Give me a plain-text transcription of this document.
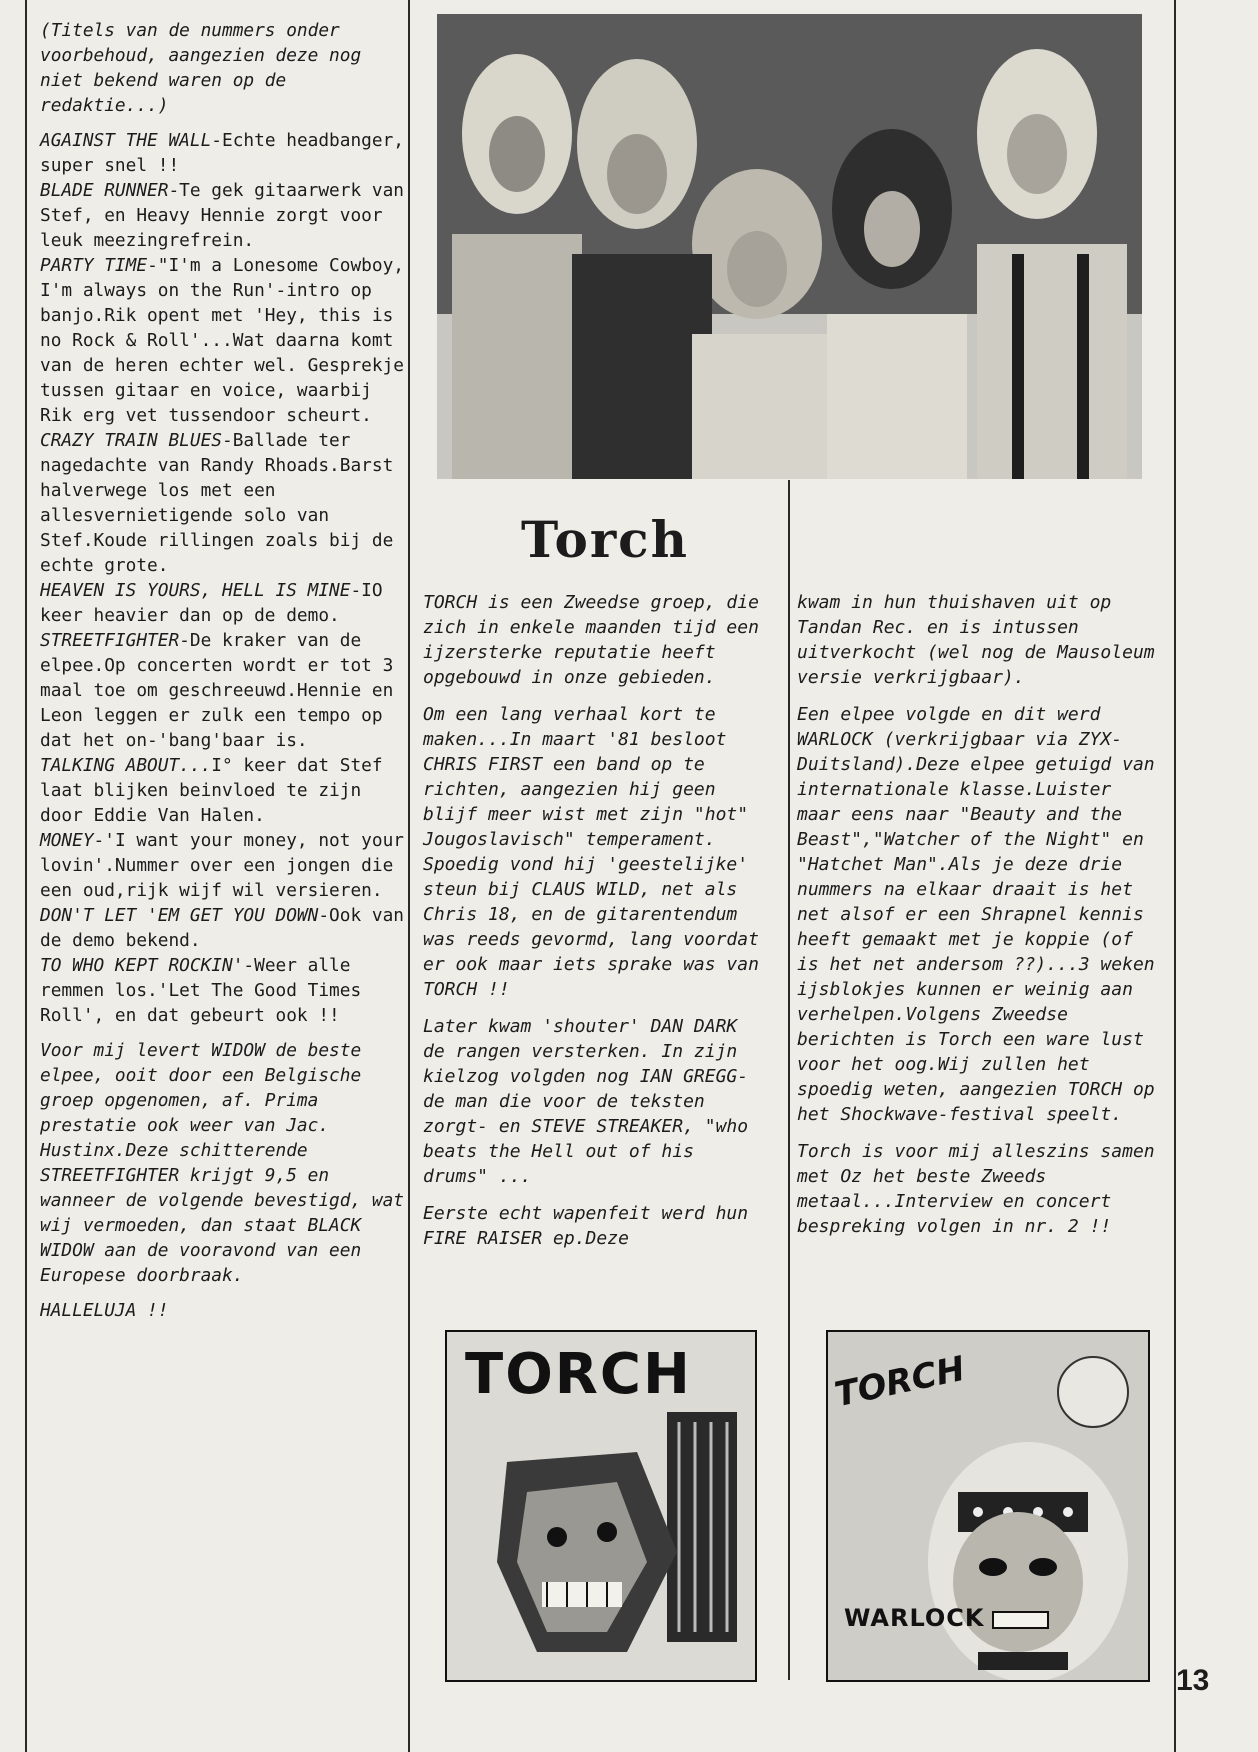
(Titels van de nummers onder voorbehoud, aangezien deze nog niet bekend waren op de redaktie...)

AGAINST THE WALL-Echte headbanger, super snel !!
BLADE RUNNER-Te gek gitaarwerk van Stef, en Heavy Hennie zorgt voor leuk meezingrefrein.
PARTY TIME-"I'm a Lonesome Cowboy, I'm always on the Run'-intro op banjo.Rik opent met 'Hey, this is no Rock & Roll'...Wat daarna komt van de heren echter wel. Gesprekje tussen gitaar en voice, waarbij Rik erg vet tussendoor scheurt.
CRAZY TRAIN BLUES-Ballade ter nagedachte van Randy Rhoads.Barst halverwege los met een allesvernietigende solo van Stef.Koude rillingen zoals bij de echte grote.
HEAVEN IS YOURS, HELL IS MINE-IO keer heavier dan op de demo.
STREETFIGHTER-De kraker van de elpee.Op concerten wordt er tot 3 maal toe om geschreeuwd.Hennie en Leon leggen er zulk een tempo op dat het on-'bang'baar is.
TALKING ABOUT...I° keer dat Stef laat blijken beinvloed te zijn door Eddie Van Halen.
MONEY-'I want your money, not your lovin'.Nummer over een jongen die een oud,rijk wijf wil versieren.
DON'T LET 'EM GET YOU DOWN-Ook van de demo bekend.
TO WHO KEPT ROCKIN'-Weer alle remmen los.'Let The Good Times Roll', en dat gebeurt ook !!

Voor mij levert WIDOW de beste elpee, ooit door een Belgische groep opgenomen, af. Prima prestatie ook weer van Jac. Hustinx.Deze schitterende STREETFIGHTER krijgt 9,5 en wanneer de volgende bevestigd, wat wij vermoeden, dan staat BLACK WIDOW aan de vooravond van een Europese doorbraak.

HALLELUJA !!

Torch

TORCH is een Zweedse groep, die zich in enkele maanden tijd een ijzersterke reputatie heeft opgebouwd in onze gebieden.

Om een lang verhaal kort te maken...In maart '81 besloot CHRIS FIRST een band op te richten, aangezien hij geen blijf meer wist met zijn "hot" Jougoslavisch" temperament. Spoedig vond hij 'geestelijke' steun bij CLAUS WILD, net als Chris 18, en de gitarentendum was reeds gevormd, lang voordat er ook maar iets sprake was van TORCH !!

Later kwam 'shouter' DAN DARK de rangen versterken. In zijn kielzog volgden nog IAN GREGG- de man die voor de teksten zorgt- en STEVE STREAKER, "who beats the Hell out of his drums" ...

Eerste echt wapenfeit werd hun FIRE RAISER ep.Deze

kwam in hun thuishaven uit op Tandan Rec. en is intussen uitverkocht (wel nog de Mausoleum versie verkrijgbaar).

Een elpee volgde en dit werd WARLOCK (verkrijgbaar via ZYX-Duitsland).Deze elpee getuigd van internationale klasse.Luister maar eens naar "Beauty and the Beast","Watcher of the Night" en "Hatchet Man".Als je deze drie nummers na elkaar draait is het net alsof er een Shrapnel kennis heeft gemaakt met je koppie (of is het net andersom ??)...3 weken ijsblokjes kunnen er weinig aan verhelpen.Volgens Zweedse berichten is Torch een ware lust voor het oog.Wij zullen het spoedig weten, aangezien TORCH op het Shockwave-festival speelt.

Torch is voor mij alleszins samen met Oz het beste Zweeds metaal...Interview en concert bespreking volgen in nr. 2 !!

TORCH	TORCH
WARLOCK
13
